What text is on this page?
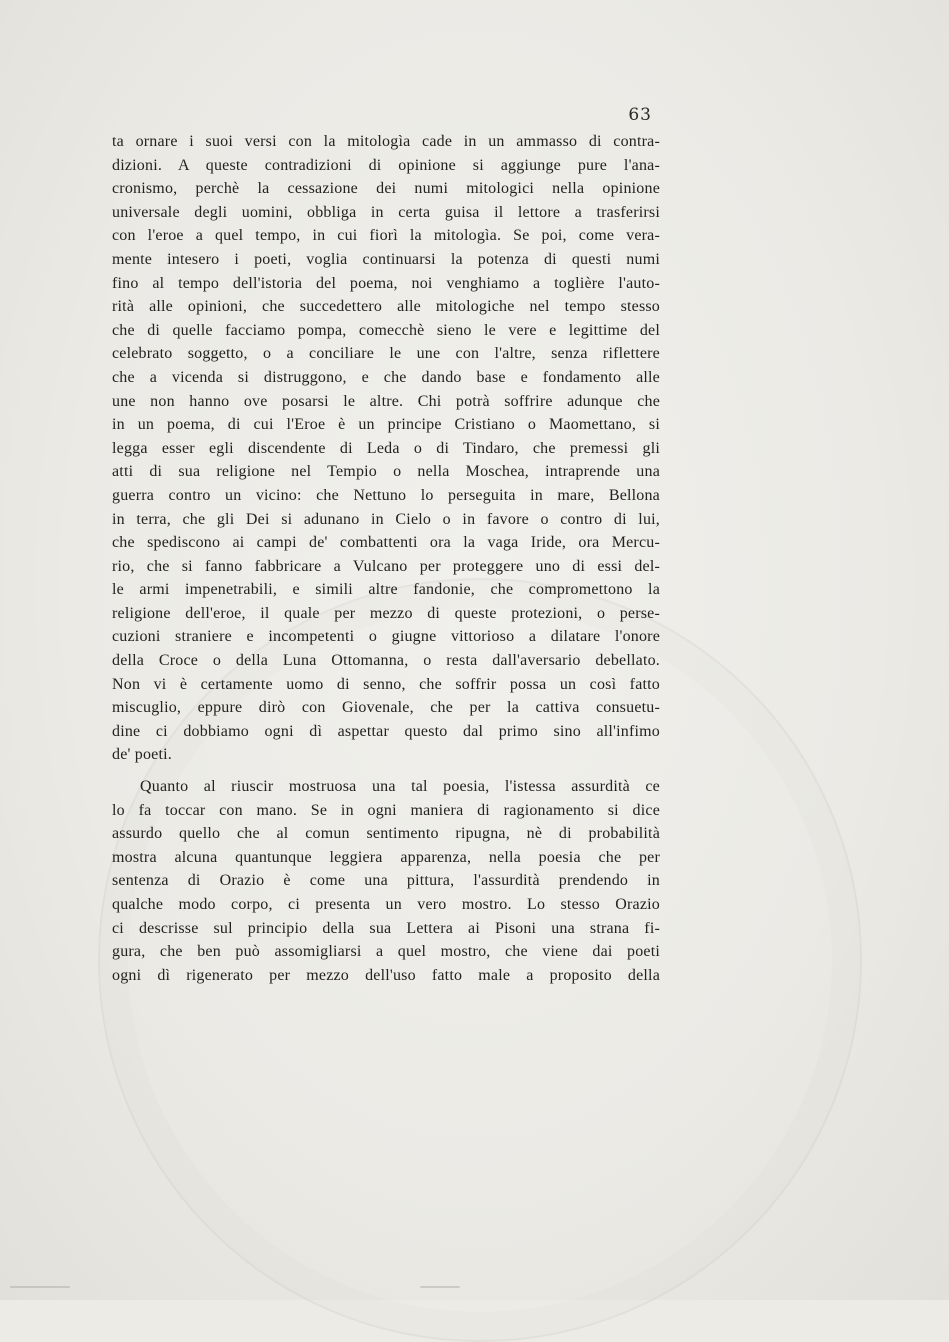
63
ta ornare i suoi versi con la mitologìa cade in un ammasso di contra-
dizioni. A queste contradizioni di opinione si aggiunge pure l'ana-
cronismo, perchè la cessazione dei numi mitologici nella opinione
universale degli uomini, obbliga in certa guisa il lettore a trasferirsi
con l'eroe a quel tempo, in cui fiorì la mitologìa. Se poi, come vera-
mente intesero i poeti, voglia continuarsi la potenza di questi numi
fino al tempo dell'istoria del poema, noi venghiamo a toglière l'auto-
rità alle opinioni, che succedettero alle mitologiche nel tempo stesso
che di quelle facciamo pompa, comecchè sieno le vere e legittime del
celebrato soggetto, o a conciliare le une con l'altre, senza riflettere
che a vicenda si distruggono, e che dando base e fondamento alle
une non hanno ove posarsi le altre. Chi potrà soffrire adunque che
in un poema, di cui l'Eroe è un principe Cristiano o Maomettano, si
legga esser egli discendente di Leda o di Tindaro, che premessi gli
atti di sua religione nel Tempio o nella Moschea, intraprende una
guerra contro un vicino: che Nettuno lo perseguita in mare, Bellona
in terra, che gli Dei si adunano in Cielo o in favore o contro di lui,
che spediscono ai campi de' combattenti ora la vaga Iride, ora Mercu-
rio, che si fanno fabbricare a Vulcano per proteggere uno di essi del-
le armi impenetrabili, e simili altre fandonie, che compromettono la
religione dell'eroe, il quale per mezzo di queste protezioni, o perse-
cuzioni straniere e incompetenti o giugne vittorioso a dilatare l'onore
della Croce o della Luna Ottomanna, o resta dall'aversario debellato.
Non vi è certamente uomo di senno, che soffrir possa un così fatto
miscuglio, eppure dirò con Giovenale, che per la cattiva consuetu-
dine ci dobbiamo ogni dì aspettar questo dal primo sino all'infimo
de' poeti.
Quanto al riuscir mostruosa una tal poesia, l'istessa assurdità ce
lo fa toccar con mano. Se in ogni maniera di ragionamento si dice
assurdo quello che al comun sentimento ripugna, nè di probabilità
mostra alcuna quantunque leggiera apparenza, nella poesia che per
sentenza di Orazio è come una pittura, l'assurdità prendendo in
qualche modo corpo, ci presenta un vero mostro. Lo stesso Orazio
ci descrisse sul principio della sua Lettera ai Pisoni una strana fi-
gura, che ben può assomigliarsi a quel mostro, che viene dai poeti
ogni dì rigenerato per mezzo dell'uso fatto male a proposito della
